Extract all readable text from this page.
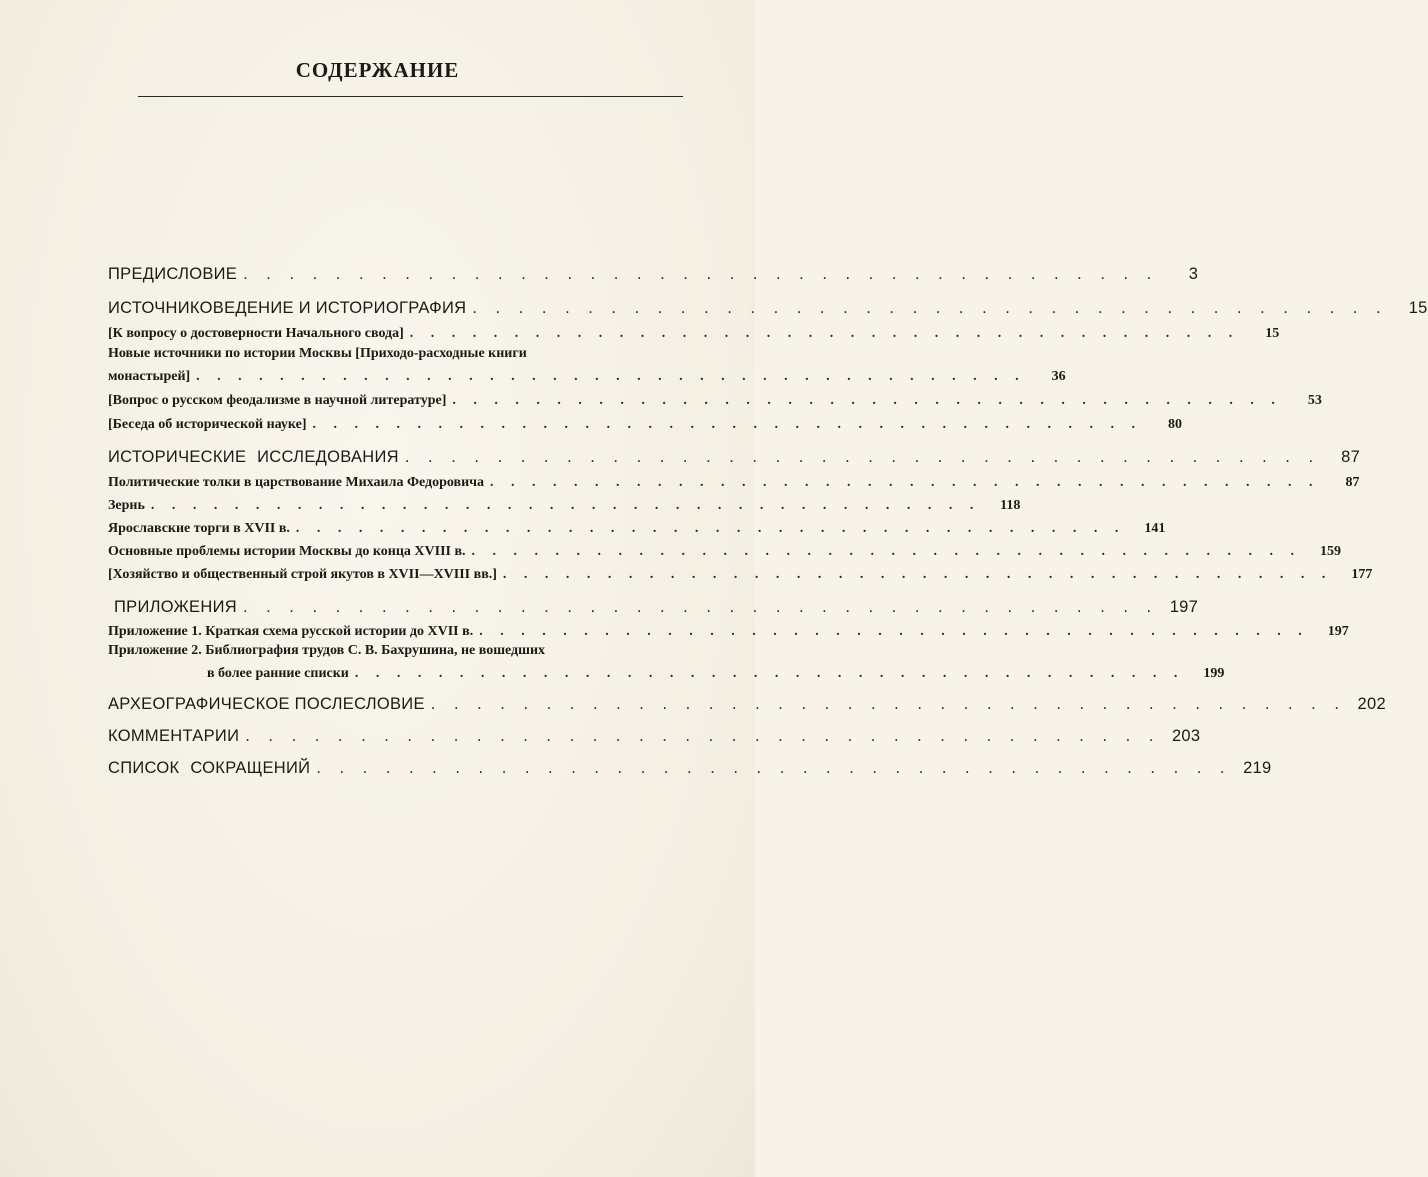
СОДЕРЖАНИЕ
ПРЕДИСЛОВИЕ . . . . . . . . . . . . . . . . . . . . . . . . . . . . . . . . . . . . . . . .	3
ИСТОЧНИКОВЕДЕНИЕ И ИСТОРИОГРАФИЯ . . . . . . . . . . . . . . . . . . . . . . . . . . . . . . . . . . . . . . . .	15
[К вопросу о достоверности Начального свода] . . . . . . . . . . . . . . . . . . . . . . . . . . . . . . . . . . . . . . . .	15
Новые источники по истории Москвы [Приходо-расходные книги
монастырей] . . . . . . . . . . . . . . . . . . . . . . . . . . . . . . . . . . . . . . . .	36
[Вопрос о русском феодализме в научной литературе] . . . . . . . . . . . . . . . . . . . . . . . . . . . . . . . . . . . . . . . .	53
[Беседа об исторической науке] . . . . . . . . . . . . . . . . . . . . . . . . . . . . . . . . . . . . . . . .	80
ИСТОРИЧЕСКИЕ ИССЛЕДОВАНИЯ . . . . . . . . . . . . . . . . . . . . . . . . . . . . . . . . . . . . . . . .	87
Политические толки в царствование Михаила Федоровича . . . . . . . . . . . . . . . . . . . . . . . . . . . . . . . . . . . . . . . .	87
Зернь . . . . . . . . . . . . . . . . . . . . . . . . . . . . . . . . . . . . . . . .	118
Ярославские торги в XVII в. . . . . . . . . . . . . . . . . . . . . . . . . . . . . . . . . . . . . . . . .	141
Основные проблемы истории Москвы до конца XVIII в. . . . . . . . . . . . . . . . . . . . . . . . . . . . . . . . . . . . . . . . .	159
[Хозяйство и общественный строй якутов в XVII—XVIII вв.] . . . . . . . . . . . . . . . . . . . . . . . . . . . . . . . . . . . . . . . .	177
ПРИЛОЖЕНИЯ . . . . . . . . . . . . . . . . . . . . . . . . . . . . . . . . . . . . . . . . 197
Приложение 1. Краткая схема русской истории до XVII в. . . . . . . . . . . . . . . . . . . . . . . . . . . . . . . . . . . . . . . . .	197
Приложение 2. Библиография трудов С. В. Бахрушина, не вошедших
в более ранние списки . . . . . . . . . . . . . . . . . . . . . . . . . . . . . . . . . . . . . . . .	199
АРХЕОГРАФИЧЕСКОЕ ПОСЛЕСЛОВИЕ . . . . . . . . . . . . . . . . . . . . . . . . . . . . . . . . . . . . . . . . 202
КОММЕНТАРИИ . . . . . . . . . . . . . . . . . . . . . . . . . . . . . . . . . . . . . . . . 203
СПИСОК СОКРАЩЕНИЙ . . . . . . . . . . . . . . . . . . . . . . . . . . . . . . . . . . . . . . . . 219
